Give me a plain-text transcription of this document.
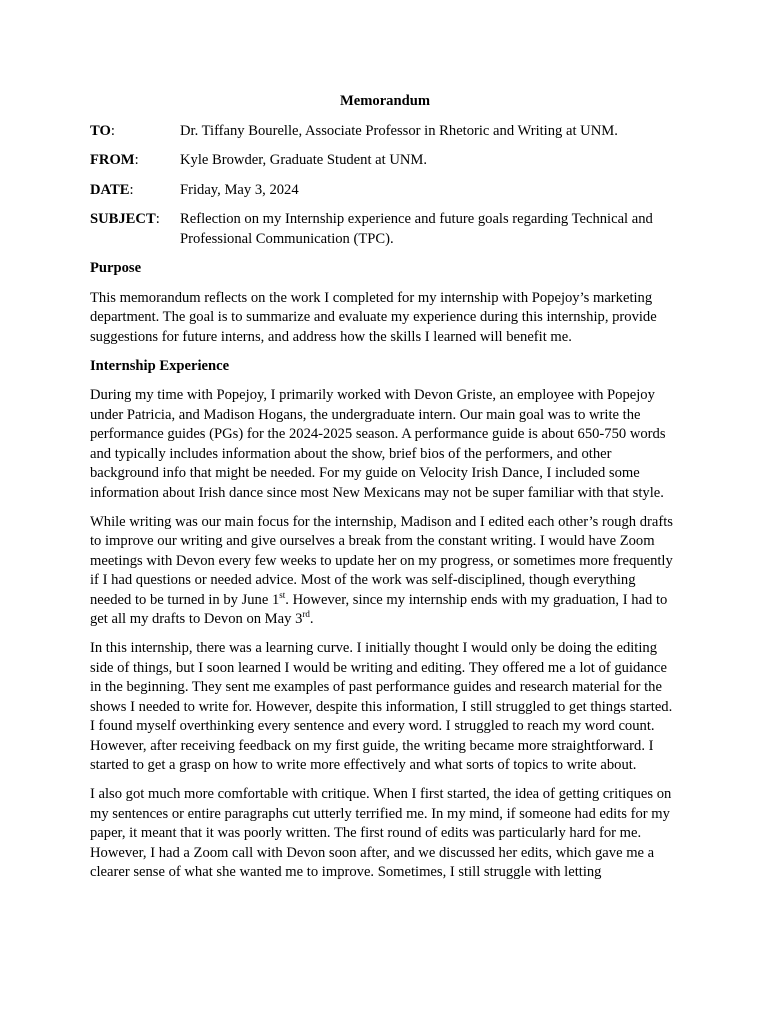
Memorandum
TO:	Dr. Tiffany Bourelle, Associate Professor in Rhetoric and Writing at UNM.
FROM:	Kyle Browder, Graduate Student at UNM.
DATE:	Friday, May 3, 2024
SUBJECT:	Reflection on my Internship experience and future goals regarding Technical and Professional Communication (TPC).
Purpose

This memorandum reflects on the work I completed for my internship with Popejoy’s marketing department. The goal is to summarize and evaluate my experience during this internship, provide suggestions for future interns, and address how the skills I learned will benefit me.

Internship Experience

During my time with Popejoy, I primarily worked with Devon Griste, an employee with Popejoy under Patricia, and Madison Hogans, the undergraduate intern. Our main goal was to write the performance guides (PGs) for the 2024-2025 season. A performance guide is about 650-750 words and typically includes information about the show, brief bios of the performers, and other background info that might be needed. For my guide on Velocity Irish Dance, I included some information about Irish dance since most New Mexicans may not be super familiar with that style.

While writing was our main focus for the internship, Madison and I edited each other’s rough drafts to improve our writing and give ourselves a break from the constant writing. I would have Zoom meetings with Devon every few weeks to update her on my progress, or sometimes more frequently if I had questions or needed advice. Most of the work was self-disciplined, though everything needed to be turned in by June 1st. However, since my internship ends with my graduation, I had to get all my drafts to Devon on May 3rd.

In this internship, there was a learning curve. I initially thought I would only be doing the editing side of things, but I soon learned I would be writing and editing. They offered me a lot of guidance in the beginning. They sent me examples of past performance guides and research material for the shows I needed to write for. However, despite this information, I still struggled to get things started. I found myself overthinking every sentence and every word. I struggled to reach my word count. However, after receiving feedback on my first guide, the writing became more straightforward. I started to get a grasp on how to write more effectively and what sorts of topics to write about.

I also got much more comfortable with critique. When I first started, the idea of getting critiques on my sentences or entire paragraphs cut utterly terrified me. In my mind, if someone had edits for my paper, it meant that it was poorly written. The first round of edits was particularly hard for me. However, I had a Zoom call with Devon soon after, and we discussed her edits, which gave me a clearer sense of what she wanted me to improve. Sometimes, I still struggle with letting
